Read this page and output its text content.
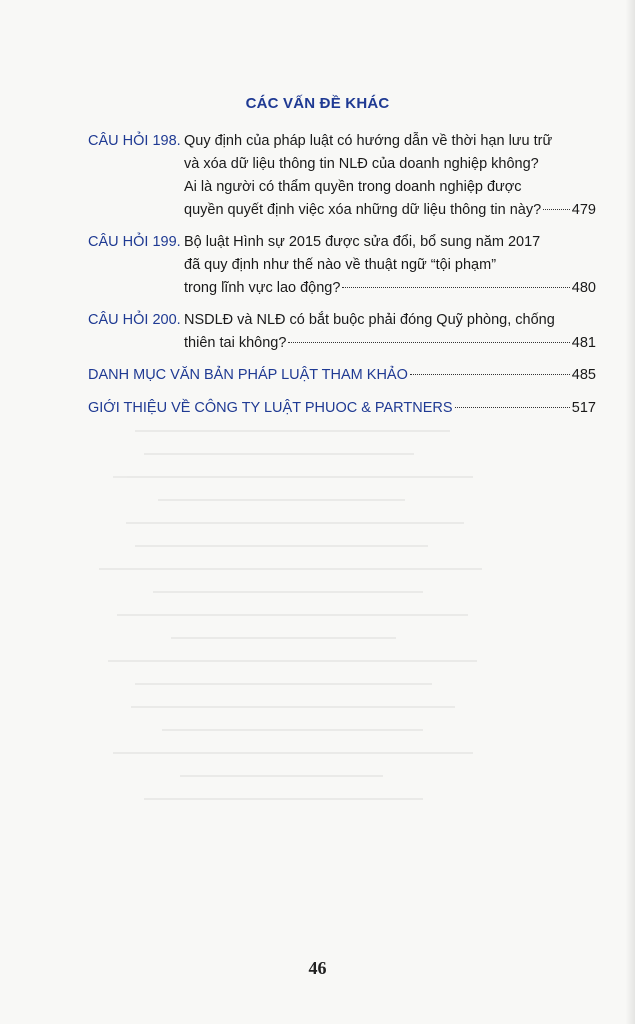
CÁC VẤN ĐỀ KHÁC
CÂU HỎI 198. Quy định của pháp luật có hướng dẫn về thời hạn lưu trữ
và xóa dữ liệu thông tin NLĐ của doanh nghiệp không?
Ai là người có thẩm quyền trong doanh nghiệp được
quyền quyết định việc xóa những dữ liệu thông tin này? 479
CÂU HỎI 199. Bộ luật Hình sự 2015 được sửa đổi, bổ sung năm 2017
đã quy định như thế nào về thuật ngữ “tội phạm”
trong lĩnh vực lao động?	480
CÂU HỎI 200. NSDLĐ và NLĐ có bắt buộc phải đóng Quỹ phòng, chống
thiên tai không?	481
DANH MỤC VĂN BẢN PHÁP LUẬT THAM KHẢO	485
GIỚI THIỆU VỀ CÔNG TY LUẬT PHUOC & PARTNERS	517
46
